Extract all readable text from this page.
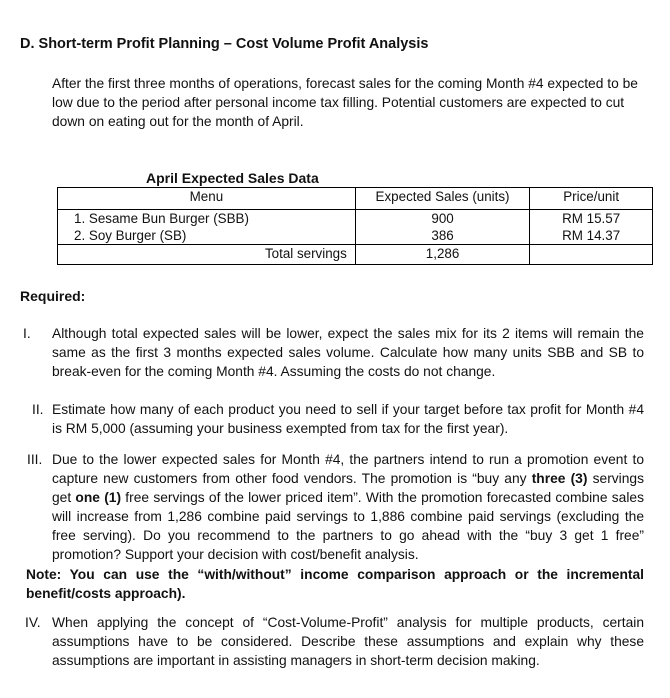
D. Short-term Profit Planning – Cost Volume Profit Analysis
After the first three months of operations, forecast sales for the coming Month #4 expected to be low due to the period after personal income tax filling. Potential customers are expected to cut down on eating out for the month of April.
April Expected Sales Data
Menu	Expected Sales (units)	Price/unit
1. Sesame Bun Burger (SBB)	900	RM 15.57
2. Soy Burger (SB)	386	RM 14.37
Total servings	1,286	
Required:
I. Although total expected sales will be lower, expect the sales mix for its 2 items will remain the same as the first 3 months expected sales volume. Calculate how many units SBB and SB to break-even for the coming Month #4. Assuming the costs do not change.
II. Estimate how many of each product you need to sell if your target before tax profit for Month #4 is RM 5,000 (assuming your business exempted from tax for the first year).
III. Due to the lower expected sales for Month #4, the partners intend to run a promotion event to capture new customers from other food vendors. The promotion is “buy any three (3) servings get one (1) free servings of the lower priced item”. With the promotion forecasted combine sales will increase from 1,286 combine paid servings to 1,886 combine paid servings (excluding the free serving). Do you recommend to the partners to go ahead with the “buy 3 get 1 free” promotion? Support your decision with cost/benefit analysis.
Note: You can use the “with/without” income comparison approach or the incremental benefit/costs approach).
IV. When applying the concept of “Cost-Volume-Profit” analysis for multiple products, certain assumptions have to be considered. Describe these assumptions and explain why these assumptions are important in assisting managers in short-term decision making.
